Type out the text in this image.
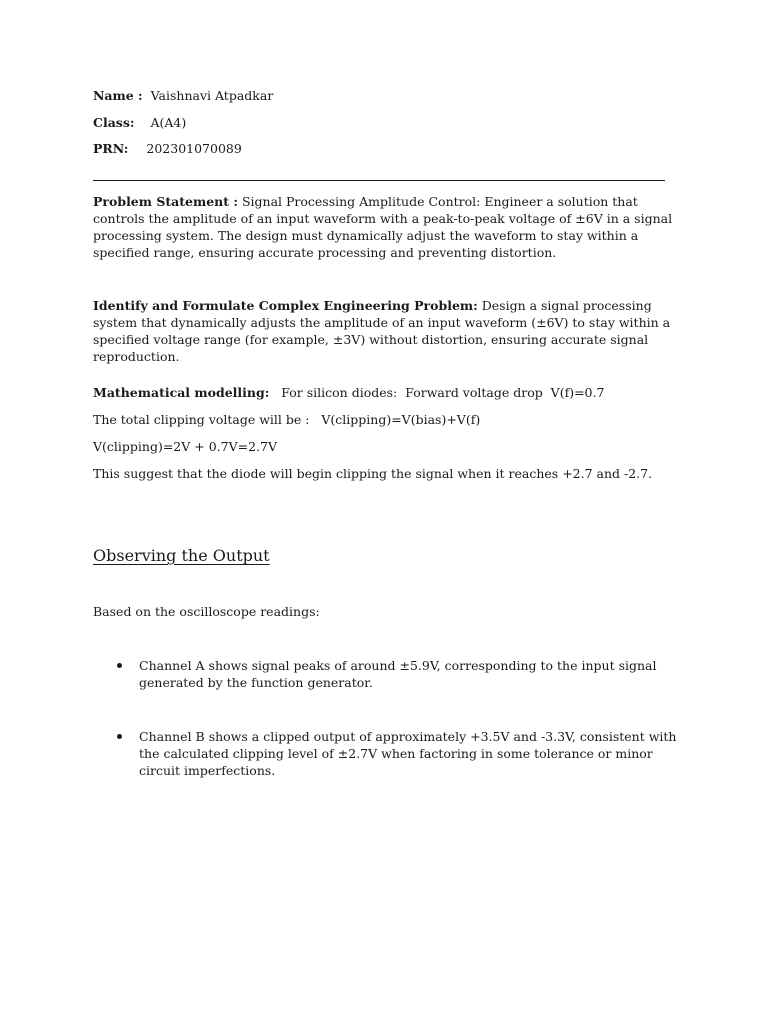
Name : Vaishnavi Atpadkar
Class: A(A4)
PRN: 202301070089
Problem Statement : Signal Processing Amplitude Control: Engineer a solution that controls the amplitude of an input waveform with a peak-to-peak voltage of ±6V in a signal processing system. The design must dynamically adjust the waveform to stay within a specified range, ensuring accurate processing and preventing distortion.
Identify and Formulate Complex Engineering Problem: Design a signal processing system that dynamically adjusts the amplitude of an input waveform (±6V) to stay within a specified voltage range (for example, ±3V) without distortion, ensuring accurate signal reproduction.
Mathematical modelling:   For silicon diodes:  Forward voltage drop  V(f)=0.7
The total clipping voltage will be :   V(clipping)=V(bias)+V(f)
V(clipping)=2V + 0.7V=2.7V
This suggest that the diode will begin clipping the signal when it reaches +2.7 and -2.7.
Observing the Output
Based on the oscilloscope readings:
Channel A shows signal peaks of around ±5.9V, corresponding to the input signal generated by the function generator.
Channel B shows a clipped output of approximately +3.5V and -3.3V, consistent with the calculated clipping level of ±2.7V when factoring in some tolerance or minor circuit imperfections.
